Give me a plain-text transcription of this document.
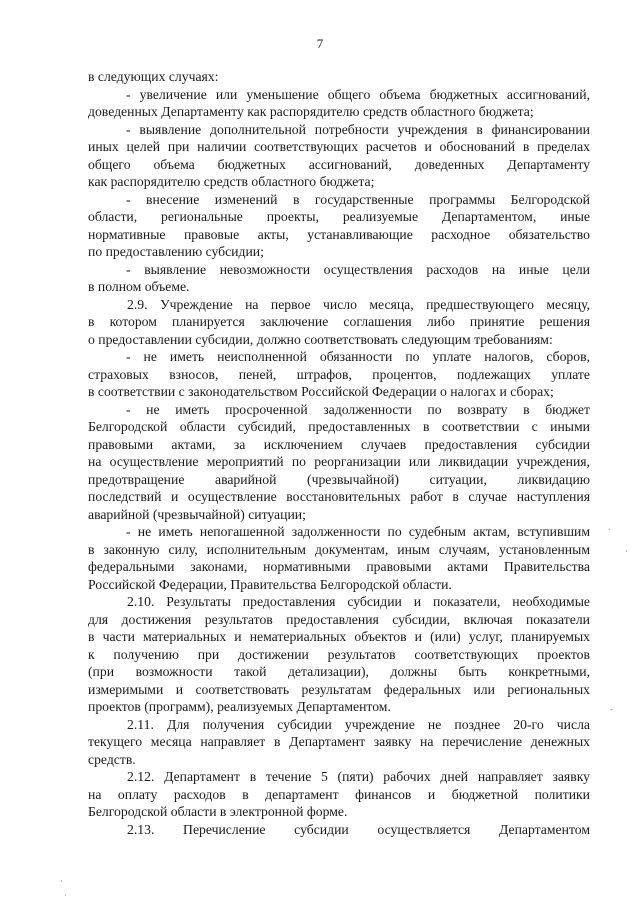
7
в следующих случаях:
- увеличение или уменьшение общего объема бюджетных ассигнований,
доведенных Департаменту как распорядителю средств областного бюджета;
- выявление дополнительной потребности учреждения в финансировании
иных целей при наличии соответствующих расчетов и обоснований в пределах
общего объема бюджетных ассигнований, доведенных Департаменту
как распорядителю средств областного бюджета;
- внесение изменений в государственные программы Белгородской
области, региональные проекты, реализуемые Департаментом, иные
нормативные правовые акты, устанавливающие расходное обязательство
по предоставлению субсидии;
- выявление невозможности осуществления расходов на иные цели
в полном объеме.
2.9. Учреждение на первое число месяца, предшествующего месяцу,
в котором планируется заключение соглашения либо принятие решения
о предоставлении субсидии, должно соответствовать следующим требованиям:
- не иметь неисполненной обязанности по уплате налогов, сборов,
страховых взносов, пеней, штрафов, процентов, подлежащих уплате
в соответствии с законодательством Российской Федерации о налогах и сборах;
- не иметь просроченной задолженности по возврату в бюджет
Белгородской области субсидий, предоставленных в соответствии с иными
правовыми актами, за исключением случаев предоставления субсидии
на осуществление мероприятий по реорганизации или ликвидации учреждения,
предотвращение аварийной (чрезвычайной) ситуации, ликвидацию
последствий и осуществление восстановительных работ в случае наступления
аварийной (чрезвычайной) ситуации;
- не иметь непогашенной задолженности по судебным актам, вступившим
в законную силу, исполнительным документам, иным случаям, установленным
федеральными законами, нормативными правовыми актами Правительства
Российской Федерации, Правительства Белгородской области.
2.10. Результаты предоставления субсидии и показатели, необходимые
для достижения результатов предоставления субсидии, включая показатели
в части материальных и нематериальных объектов и (или) услуг, планируемых
к получению при достижении результатов соответствующих проектов
(при возможности такой детализации), должны быть конкретными,
измеримыми и соответствовать результатам федеральных или региональных
проектов (программ), реализуемых Департаментом.
2.11. Для получения субсидии учреждение не позднее 20-го числа
текущего месяца направляет в Департамент заявку на перечисление денежных
средств.
2.12. Департамент в течение 5 (пяти) рабочих дней направляет заявку
на оплату расходов в департамент финансов и бюджетной политики
Белгородской области в электронной форме.
2.13. Перечисление субсидии осуществляется Департаментом
ˎ
-
·
·
·
